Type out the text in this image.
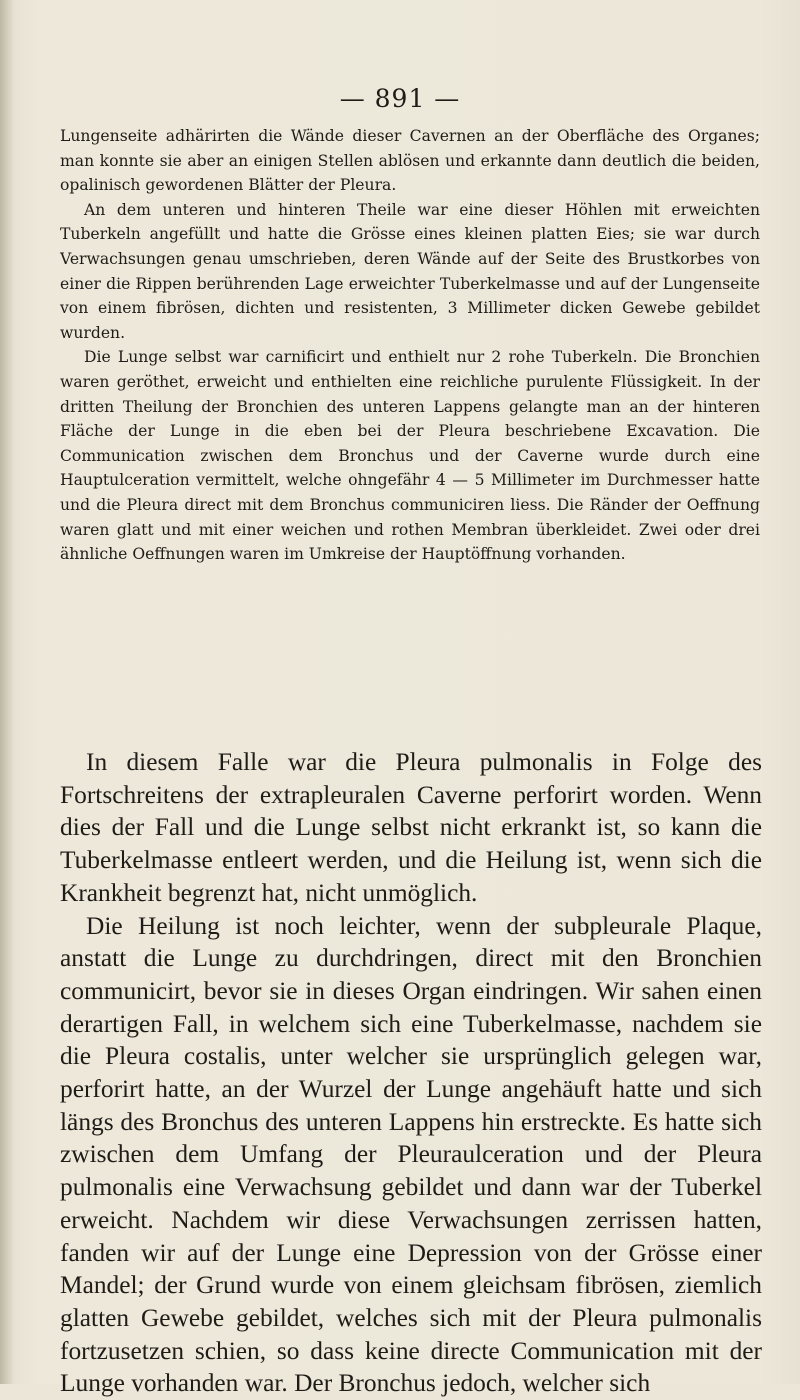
— 891 —

Lungenseite adhärirten die Wände dieser Cavernen an der Oberfläche des Organes; man konnte sie aber an einigen Stellen ablösen und erkannte dann deutlich die beiden, opalinisch gewordenen Blätter der Pleura.

An dem unteren und hinteren Theile war eine dieser Höhlen mit erweichten Tuberkeln angefüllt und hatte die Grösse eines kleinen platten Eies; sie war durch Verwachsungen genau umschrieben, deren Wände auf der Seite des Brustkorbes von einer die Rippen berührenden Lage erweichter Tuberkelmasse und auf der Lungenseite von einem fibrösen, dichten und resistenten, 3 Millimeter dicken Gewebe gebildet wurden.

Die Lunge selbst war carnificirt und enthielt nur 2 rohe Tuberkeln. Die Bronchien waren geröthet, erweicht und enthielten eine reichliche purulente Flüssigkeit. In der dritten Theilung der Bronchien des unteren Lappens gelangte man an der hinteren Fläche der Lunge in die eben bei der Pleura beschriebene Excavation. Die Communication zwischen dem Bronchus und der Caverne wurde durch eine Hauptulceration vermittelt, welche ohngefähr 4 — 5 Millimeter im Durchmesser hatte und die Pleura direct mit dem Bronchus communiciren liess. Die Ränder der Oeffnung waren glatt und mit einer weichen und rothen Membran überkleidet. Zwei oder drei ähnliche Oeffnungen waren im Umkreise der Hauptöffnung vorhanden.

In diesem Falle war die Pleura pulmonalis in Folge des Fortschreitens der extrapleuralen Caverne perforirt worden. Wenn dies der Fall und die Lunge selbst nicht erkrankt ist, so kann die Tuberkelmasse entleert werden, und die Heilung ist, wenn sich die Krankheit begrenzt hat, nicht unmöglich.

Die Heilung ist noch leichter, wenn der subpleurale Plaque, anstatt die Lunge zu durchdringen, direct mit den Bronchien communicirt, bevor sie in dieses Organ eindringen. Wir sahen einen derartigen Fall, in welchem sich eine Tuberkelmasse, nachdem sie die Pleura costalis, unter welcher sie ursprünglich gelegen war, perforirt hatte, an der Wurzel der Lunge angehäuft hatte und sich längs des Bronchus des unteren Lappens hin erstreckte. Es hatte sich zwischen dem Umfang der Pleuraulceration und der Pleura pulmonalis eine Verwachsung gebildet und dann war der Tuberkel erweicht. Nachdem wir diese Verwachsungen zerrissen hatten, fanden wir auf der Lunge eine Depression von der Grösse einer Mandel; der Grund wurde von einem gleichsam fibrösen, ziemlich glatten Gewebe gebildet, welches sich mit der Pleura pulmonalis fortzusetzen schien, so dass keine directe Communication mit der Lunge vorhanden war. Der Bronchus jedoch, welcher sich
